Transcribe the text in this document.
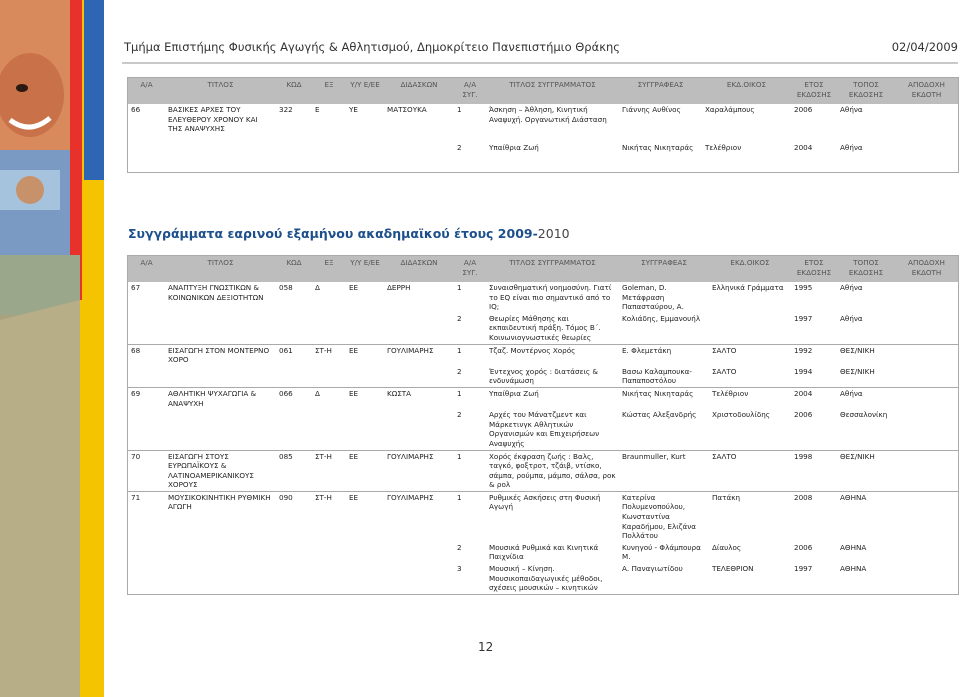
Τμήμα Επιστήμης Φυσικής Αγωγής & Αθλητισμού, Δημοκρίτειο Πανεπιστήμιο Θράκης	02/04/2009
Α/Α	ΤΙΤΛΟΣ	ΚΩΔ	ΕΞ	Υ/Υ Ε/ΕΕ	ΔΙΔΑΣΚΩΝ	Α/Α ΣΥΓ.	ΤΙΤΛΟΣ ΣΥΓΓΡΑΜΜΑΤΟΣ	ΣΥΓΓΡΑΦΕΑΣ	ΕΚΔ.ΟΙΚΟΣ	ΕΤΟΣ ΕΚΔΟΣΗΣ	ΤΟΠΟΣ ΕΚΔΟΣΗΣ	ΑΠΟΔΟΧΗ ΕΚΔΟΤΗ
66	ΒΑΣΙΚΕΣ ΑΡΧΕΣ ΤΟΥ ΕΛΕΥΘΕΡΟΥ ΧΡΟΝΟΥ ΚΑΙ ΤΗΣ ΑΝΑΨΥΧΗΣ	322	Ε	ΥΕ	ΜΑΤΣΟΥΚΑ	1	Άσκηση – Άθληση, Κινητική Αναψυχή. Οργανωτική Διάσταση	Γιάννης Αυθίνος	Χαραλάμπους	2006	Αθήνα	
						2	Υπαίθρια Ζωή	Νικήτας Νικηταράς	Τελέθριον	2004	Αθήνα	
Συγγράμματα εαρινού εξαμήνου ακαδημαϊκού έτους 2009-2010
Α/Α	ΤΙΤΛΟΣ	ΚΩΔ	ΕΞ	Υ/Υ Ε/ΕΕ	ΔΙΔΑΣΚΩΝ	Α/Α ΣΥΓ.	ΤΙΤΛΟΣ ΣΥΓΓΡΑΜΜΑΤΟΣ	ΣΥΓΓΡΑΦΕΑΣ	ΕΚΔ.ΟΙΚΟΣ	ΕΤΟΣ ΕΚΔΟΣΗΣ	ΤΟΠΟΣ ΕΚΔΟΣΗΣ	ΑΠΟΔΟΧΗ ΕΚΔΟΤΗ
67	ΑΝΑΠΤΥΞΗ ΓΝΩΣΤΙΚΩΝ & ΚΟΙΝΩΝΙΚΩΝ ΔΕΞΙΟΤΗΤΩΝ	058	Δ	ΕΕ	ΔΕΡΡΗ	1	Συναισθηματική νοημοσύνη. Γιατί το EQ είναι πιο σημαντικό από το IQ;	Goleman, D. Μετάφραση Παπασταύρου, Α.	Ελληνικά Γράμματα	1995	Αθήνα	
						2	Θεωρίες Μάθησης και εκπαιδευτική πράξη. Τόμος Β΄. Κοινωνιογνωστικές θεωρίες	Κολιάδης, Εμμανουήλ		1997	Αθήνα	
68	ΕΙΣΑΓΩΓΗ ΣΤΟΝ ΜΟΝΤΕΡΝΟ ΧΟΡΟ	061	ΣΤ-Η	ΕΕ	ΓΟΥΛΙΜΑΡΗΣ	1	Τζαζ. Μοντέρνος Χορός	Ε. Φλεμετάκη	ΣΑΛΤΟ	1992	ΘΕΣ/ΝΙΚΗ	
						2	Έντεχνος χορός : διατάσεις & ενδυνάμωση	Βασω Καλαμπουκα-Παπαποστόλου	ΣΑΛΤΟ	1994	ΘΕΣ/ΝΙΚΗ	
69	ΑΘΛΗΤΙΚΗ ΨΥΧΑΓΩΓΙΑ & ΑΝΑΨΥΧΗ	066	Δ	ΕΕ	ΚΩΣΤΑ	1	Υπαίθρια Ζωή	Νικήτας Νικηταράς	Τελέθριον	2004	Αθήνα	
						2	Αρχές του Μάνατζμεντ και Μάρκετινγκ Αθλητικών Οργανισμών και Επιχειρήσεων Αναψυχής	Κώστας Αλεξανδρής	Χριστοδουλίδης	2006	Θεσσαλονίκη	
70	ΕΙΣΑΓΩΓΗ ΣΤΟΥΣ ΕΥΡΩΠΑΪΚΟΥΣ & ΛΑΤΙΝΟΑΜΕΡΙΚΑΝΙΚΟΥΣ ΧΟΡΟΥΣ	085	ΣΤ-Η	ΕΕ	ΓΟΥΛΙΜΑΡΗΣ	1	Χορός έκφραση ζωής : Βαλς, ταγκό, φοξτροτ, τζάιβ, ντίσκο, σάμπα, ρούμπα, μάμπο, σάλσα, ροκ & ρολ	Braunmuller, Kurt	ΣΑΛΤΟ	1998	ΘΕΣ/ΝΙΚΗ	
71	ΜΟΥΣΙΚΟΚΙΝΗΤΙΚΗ ΡΥΘΜΙΚΗ ΑΓΩΓΗ	090	ΣΤ-Η	ΕΕ	ΓΟΥΛΙΜΑΡΗΣ	1	Ρυθμικές Ασκήσεις στη Φυσική Αγωγή	Κατερίνα Πολυμενοπούλου, Κωνσταντίνα Καραδήμου, Ελιζάνα Πολλάτου	Πατάκη	2008	ΑΘΗΝΑ	
						2	Μουσικά Ρυθμικά και Κινητικά Παιχνίδια	Κυνηγού - Φλάμπουρα Μ.	Δίαυλος	2006	ΑΘΗΝΑ	
						3	Μουσική – Κίνηση. Μουσικοπαιδαγωγικές μέθοδοι, σχέσεις μουσικών – κινητικών	Α. Παναγιωτίδου	ΤΕΛΕΘΡΙΟΝ	1997	ΑΘΗΝΑ	
12
